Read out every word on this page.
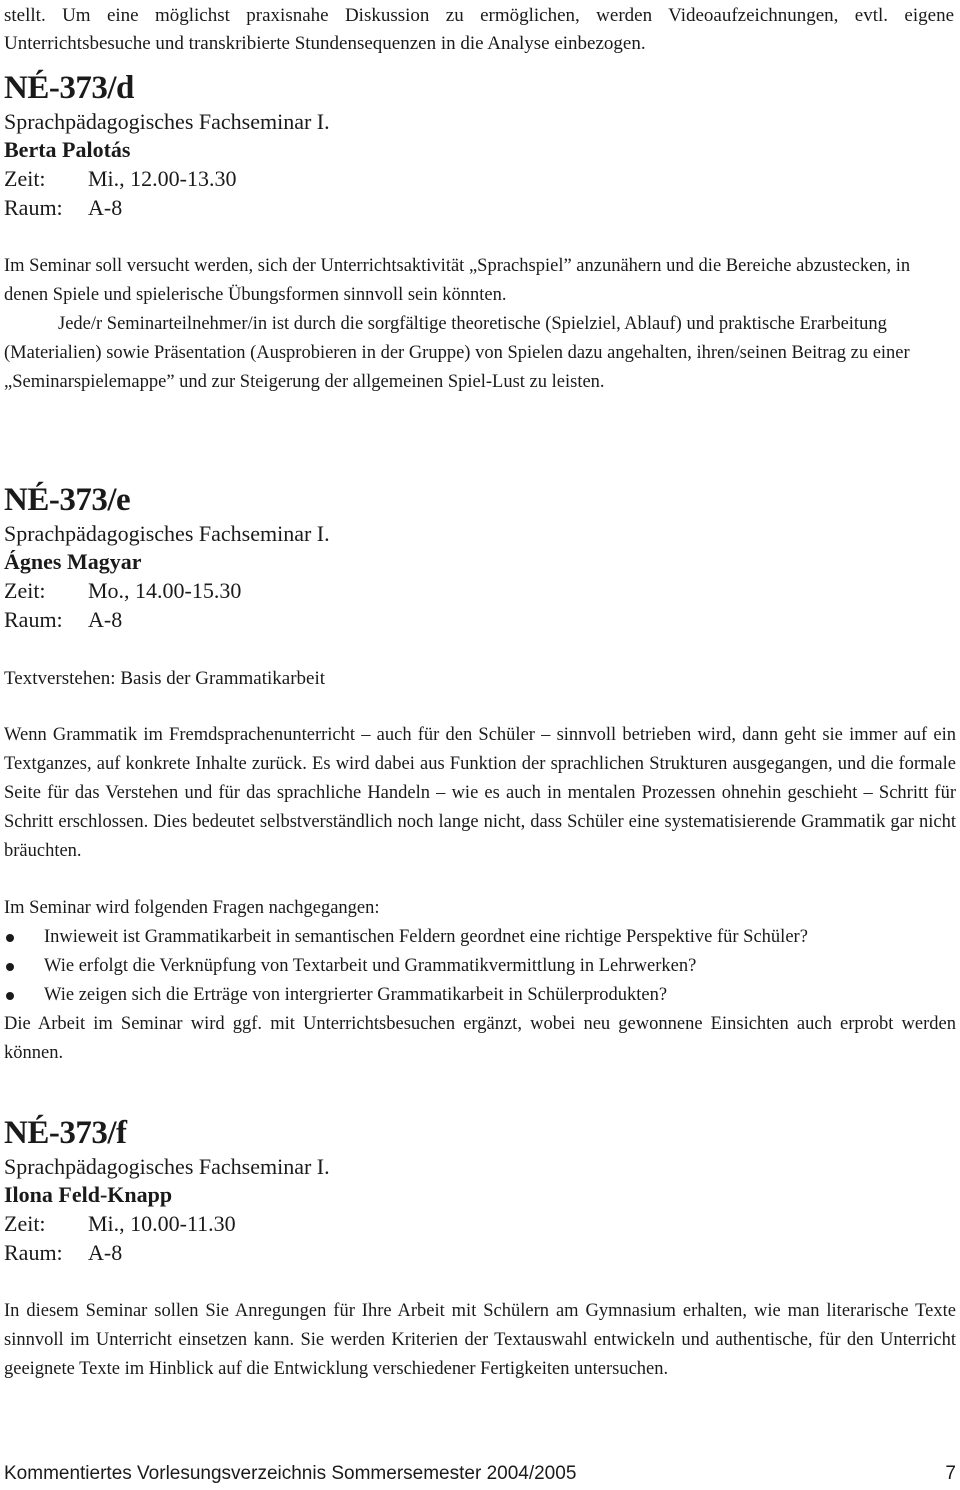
stellt. Um eine möglichst praxisnahe Diskussion zu ermöglichen, werden Videoaufzeichnungen, evtl. eigene Unterrichtsbesuche und transkribierte Stundensequenzen in die Analyse einbezogen.
NÉ-373/d
Sprachpädagogisches Fachseminar I.
Berta Palotás
Zeit:	Mi., 12.00-13.30
Raum:	A-8
Im Seminar soll versucht werden, sich der Unterrichtsaktivität „Sprachspiel” anzunähern und die Bereiche abzustecken, in denen Spiele und spielerische Übungsformen sinnvoll sein könnten.
Jede/r Seminarteilnehmer/in ist durch die sorgfältige theoretische (Spielziel, Ablauf) und praktische Erarbeitung (Materialien) sowie Präsentation (Ausprobieren in der Gruppe) von Spielen dazu angehalten, ihren/seinen Beitrag zu einer „Seminarspielemappe” und zur Steigerung der allgemeinen Spiel-Lust zu leisten.
NÉ-373/e
Sprachpädagogisches Fachseminar I.
Ágnes Magyar
Zeit:	Mo., 14.00-15.30
Raum:	A-8
Textverstehen: Basis der Grammatikarbeit
Wenn Grammatik im Fremdsprachenunterricht – auch für den Schüler – sinnvoll betrieben wird, dann geht sie immer auf ein Textganzes, auf konkrete Inhalte zurück. Es wird dabei aus Funktion der sprachlichen Strukturen ausgegangen, und die formale Seite für das Verstehen und für das sprachliche Handeln – wie es auch in mentalen Prozessen ohnehin geschieht – Schritt für Schritt erschlossen. Dies bedeutet selbstverständlich noch lange nicht, dass Schüler eine systematisierende Grammatik gar nicht bräuchten.
Im Seminar wird folgenden Fragen nachgegangen:
Inwieweit ist Grammatikarbeit in semantischen Feldern geordnet eine richtige Perspektive für Schüler?
Wie erfolgt die Verknüpfung von Textarbeit und Grammatikvermittlung in Lehrwerken?
Wie zeigen sich die Erträge von intergrierter Grammatikarbeit in Schülerprodukten?
Die Arbeit im Seminar wird ggf. mit Unterrichtsbesuchen ergänzt, wobei neu gewonnene Einsichten auch erprobt werden können.
NÉ-373/f
Sprachpädagogisches Fachseminar I.
Ilona Feld-Knapp
Zeit:	Mi., 10.00-11.30
Raum:	A-8
In diesem Seminar sollen Sie Anregungen für Ihre Arbeit mit Schülern am Gymnasium erhalten, wie man literarische Texte sinnvoll im Unterricht einsetzen kann. Sie werden Kriterien der Textauswahl entwickeln und authentische, für den Unterricht geeignete Texte im Hinblick auf die Entwicklung verschiedener Fertigkeiten untersuchen.
Kommentiertes Vorlesungsverzeichnis Sommersemester 2004/2005	7
